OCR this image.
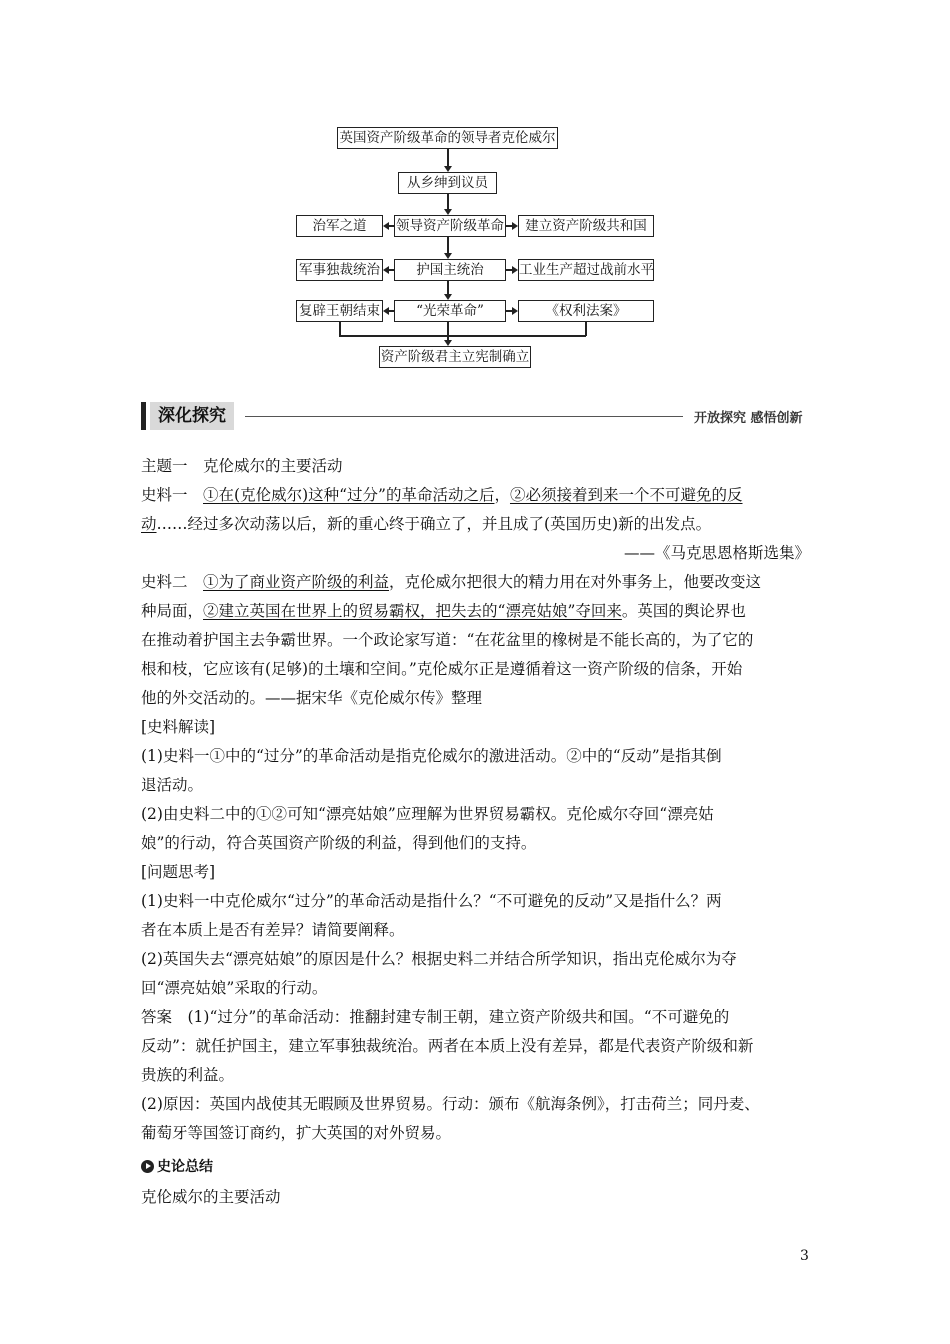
英国资产阶级革命的领导者克伦威尔
从乡绅到议员
治军之道	领导资产阶级革命	建立资产阶级共和国
军事独裁统治	护国主统治	工业生产超过战前水平
复辟王朝结束	“光荣革命”	《权利法案》
资产阶级君主立宪制确立
深化探究	开放探究 感悟创新
主题一　克伦威尔的主要活动
史料一　①在(克伦威尔)这种“过分”的革命活动之后，②必须接着到来一个不可避免的反
动……经过多次动荡以后，新的重心终于确立了，并且成了(英国历史)新的出发点。
——《马克思恩格斯选集》
史料二　①为了商业资产阶级的利益，克伦威尔把很大的精力用在对外事务上，他要改变这
种局面，②建立英国在世界上的贸易霸权，把失去的“漂亮姑娘”夺回来。英国的舆论界也
在推动着护国主去争霸世界。一个政论家写道：“在花盆里的橡树是不能长高的，为了它的
根和枝，它应该有(足够)的土壤和空间。”克伦威尔正是遵循着这一资产阶级的信条，开始
他的外交活动的。——据宋华《克伦威尔传》整理
[史料解读]
(1)史料一①中的“过分”的革命活动是指克伦威尔的激进活动。②中的“反动”是指其倒
退活动。
(2)由史料二中的①②可知“漂亮姑娘”应理解为世界贸易霸权。克伦威尔夺回“漂亮姑
娘”的行动，符合英国资产阶级的利益，得到他们的支持。
[问题思考]
(1)史料一中克伦威尔“过分”的革命活动是指什么？“不可避免的反动”又是指什么？两
者在本质上是否有差异？请简要阐释。
(2)英国失去“漂亮姑娘”的原因是什么？根据史料二并结合所学知识，指出克伦威尔为夺
回“漂亮姑娘”采取的行动。
答案　(1)“过分”的革命活动：推翻封建专制王朝，建立资产阶级共和国。“不可避免的
反动”：就任护国主，建立军事独裁统治。两者在本质上没有差异，都是代表资产阶级和新
贵族的利益。
(2)原因：英国内战使其无暇顾及世界贸易。行动：颁布《航海条例》，打击荷兰；同丹麦、
葡萄牙等国签订商约，扩大英国的对外贸易。
史论总结
克伦威尔的主要活动
3
